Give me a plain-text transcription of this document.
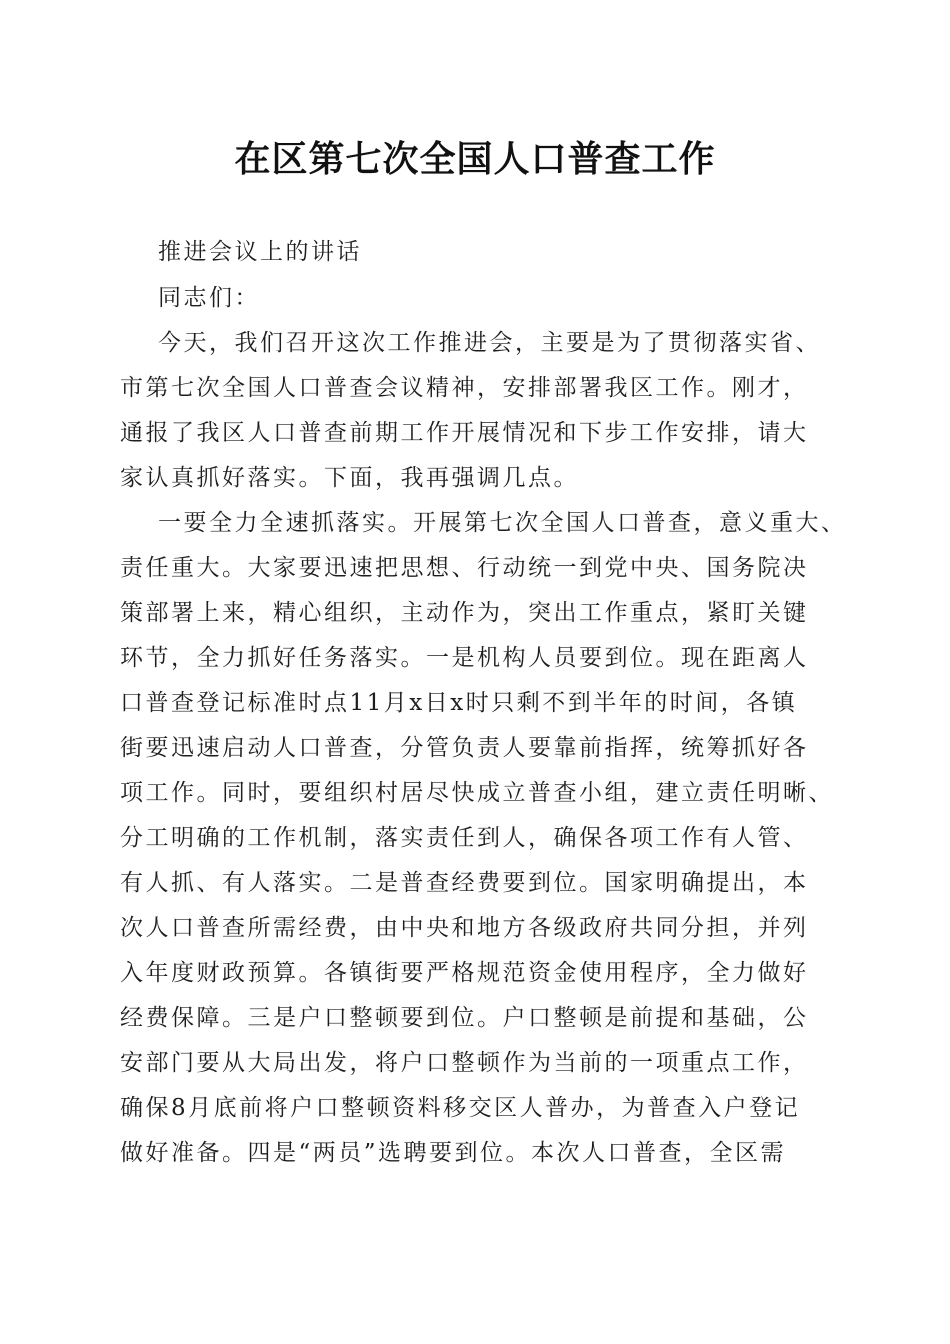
在区第七次全国人口普查工作
推进会议上的讲话
同志们：
今天，我们召开这次工作推进会，主要是为了贯彻落实省、
市第七次全国人口普查会议精神，安排部署我区工作。刚才，
通报了我区人口普查前期工作开展情况和下步工作安排，请大
家认真抓好落实。下面，我再强调几点。
一要全力全速抓落实。开展第七次全国人口普查，意义重大、
责任重大。大家要迅速把思想、行动统一到党中央、国务院决
策部署上来，精心组织，主动作为，突出工作重点，紧盯关键
环节，全力抓好任务落实。一是机构人员要到位。现在距离人
口普查登记标准时点11月x日x时只剩不到半年的时间，各镇
街要迅速启动人口普查，分管负责人要靠前指挥，统筹抓好各
项工作。同时，要组织村居尽快成立普查小组，建立责任明晰、
分工明确的工作机制，落实责任到人，确保各项工作有人管、
有人抓、有人落实。二是普查经费要到位。国家明确提出，本
次人口普查所需经费，由中央和地方各级政府共同分担，并列
入年度财政预算。各镇街要严格规范资金使用程序，全力做好
经费保障。三是户口整顿要到位。户口整顿是前提和基础，公
安部门要从大局出发，将户口整顿作为当前的一项重点工作，
确保8月底前将户口整顿资料移交区人普办，为普查入户登记
做好准备。四是“两员”选聘要到位。本次人口普查，全区需
